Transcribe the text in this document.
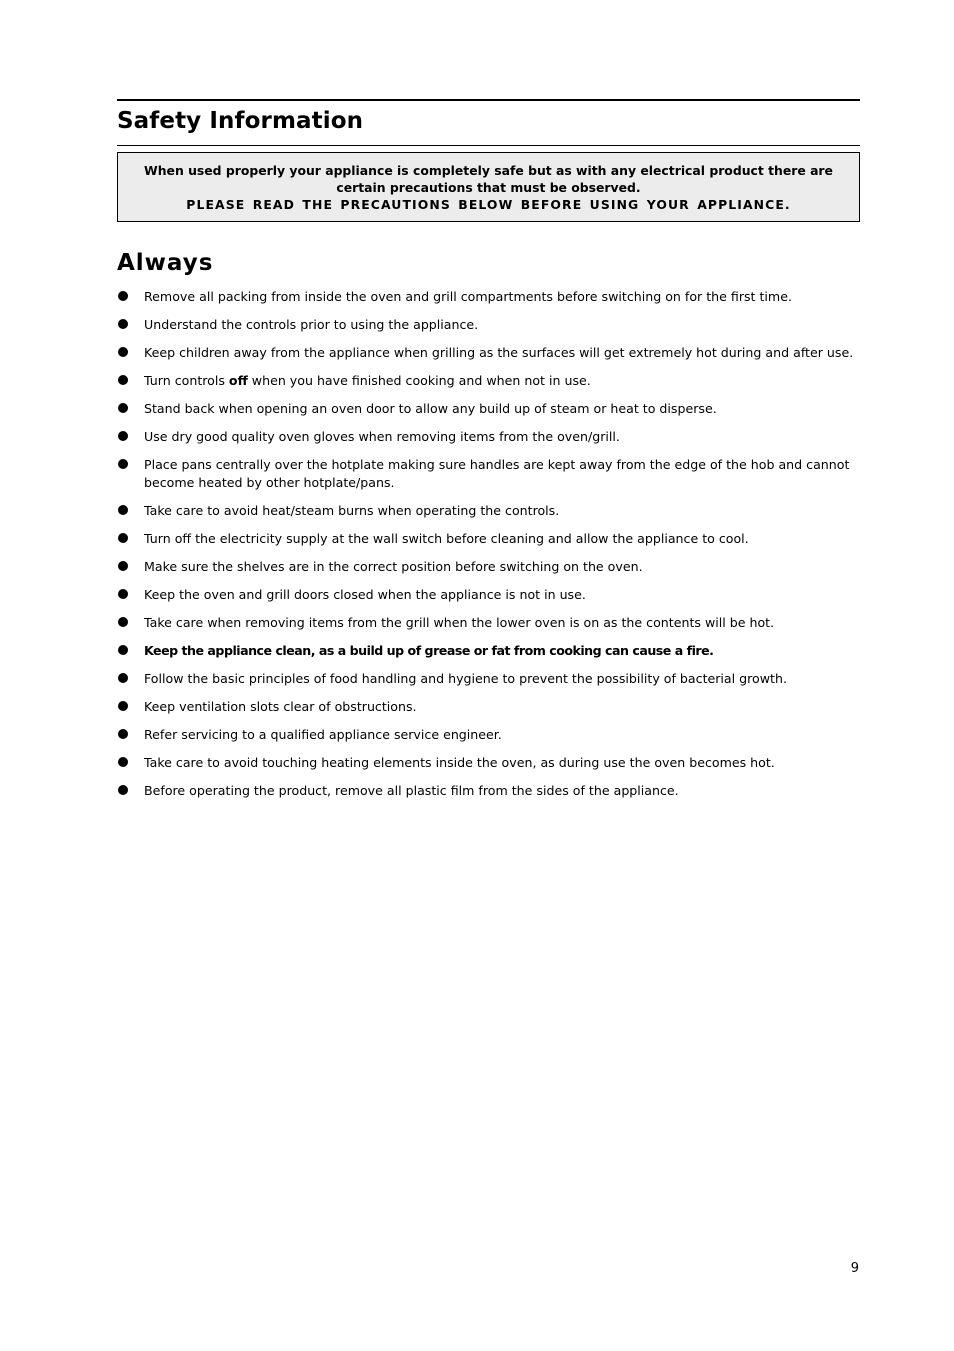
Safety Information
When used properly your appliance is completely safe but as with any electrical product there are certain precautions that must be observed.
PLEASE READ THE PRECAUTIONS BELOW BEFORE USING YOUR APPLIANCE.
Always
Remove all packing from inside the oven and grill compartments before switching on for the first time.
Understand the controls prior to using the appliance.
Keep children away from the appliance when grilling as the surfaces will get extremely hot during and after use.
Turn controls off when you have finished cooking and when not in use.
Stand back when opening an oven door to allow any build up of steam or heat to disperse.
Use dry good quality oven gloves when removing items from the oven/grill.
Place pans centrally over the hotplate making sure handles are kept away from the edge of the hob and cannot become heated by other hotplate/pans.
Take care to avoid heat/steam burns when operating the controls.
Turn off the electricity supply at the wall switch before cleaning and allow the appliance to cool.
Make sure the shelves are in the correct position before switching on the oven.
Keep the oven and grill doors closed when the appliance is not in use.
Take care when removing items from the grill when the lower oven is on as the contents will be hot.
Keep the appliance clean, as a build up of grease or fat from cooking can cause a fire.
Follow the basic principles of food handling and hygiene to prevent the possibility of bacterial growth.
Keep ventilation slots clear of obstructions.
Refer servicing to a qualified appliance service engineer.
Take care to avoid touching heating elements inside the oven, as during use the oven becomes hot.
Before operating the product, remove all plastic film from the sides of the appliance.
9
